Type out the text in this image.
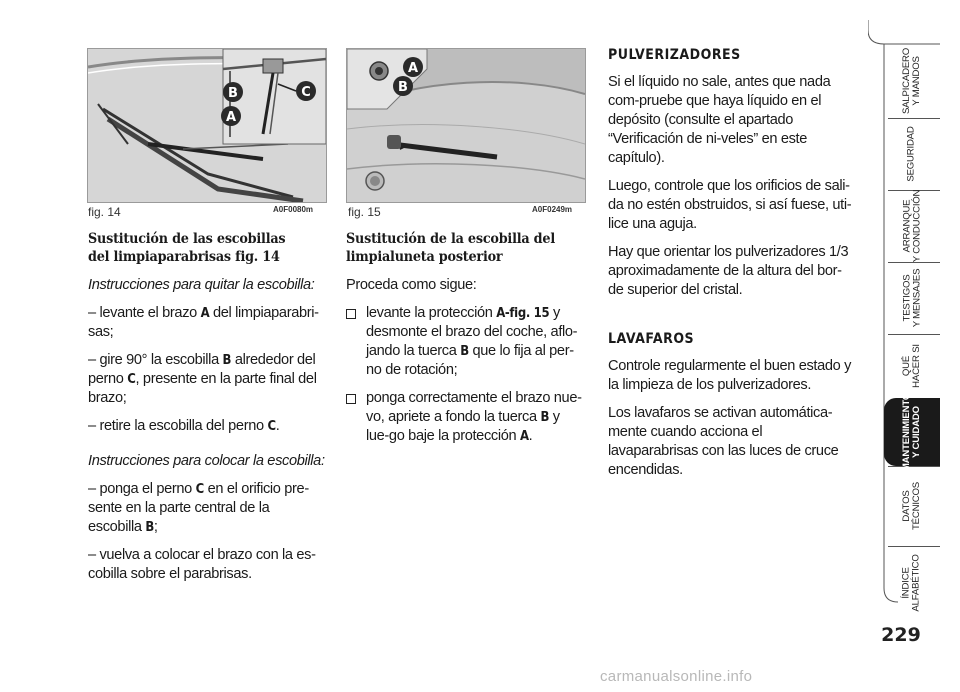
B	C
A
fig. 14	A0F0080m
A
B
fig. 15	A0F0249m
Sustitución de las escobillas
del limpiaparabrisas fig. 14

Instrucciones para quitar la escobilla:

– levante el brazo A del limpiaparabri-sas;

– gire 90° la escobilla B alrededor del perno C, presente en la parte final del brazo;

– retire la escobilla del perno C.

Instrucciones para colocar la escobilla:

– ponga el perno C en el orificio pre-sente en la parte central de la escobilla B;

– vuelva a colocar el brazo con la es-cobilla sobre el parabrisas.

Sustitución de la escobilla del
limpialuneta posterior

Proceda como sigue:

levante la protección A-fig. 15 y desmonte el brazo del coche, aflo-jando la tuerca B que lo fija al per-no de rotación;

ponga correctamente el brazo nue-vo, apriete a fondo la tuerca B y lue-go baje la protección A.

PULVERIZADORES

Si el líquido no sale, antes que nada com-pruebe que haya líquido en el depósito (consulte el apartado “Verificación de ni-veles” en este capítulo).

Luego, controle que los orificios de sali-da no estén obstruidos, si así fuese, uti-lice una aguja.

Hay que orientar los pulverizadores 1/3 aproximadamente de la altura del bor-de superior del cristal.

LAVAFAROS

Controle regularmente el buen estado y la limpieza de los pulverizadores.

Los lavafaros se activan automática-mente cuando acciona el lavaparabrisas con las luces de cruce encendidas.

SALPICADERO
Y MANDOS
SEGURIDAD
ARRANQUE
Y CONDUCCIÓN
TESTIGOS
Y MENSAJES
QUÉ
HACER SI
MANTENIMIENTO
Y CUIDADO
DATOS
TÉCNICOS
ÍNDICE
ALFABÉTICO
229
carmanualsonline.info
